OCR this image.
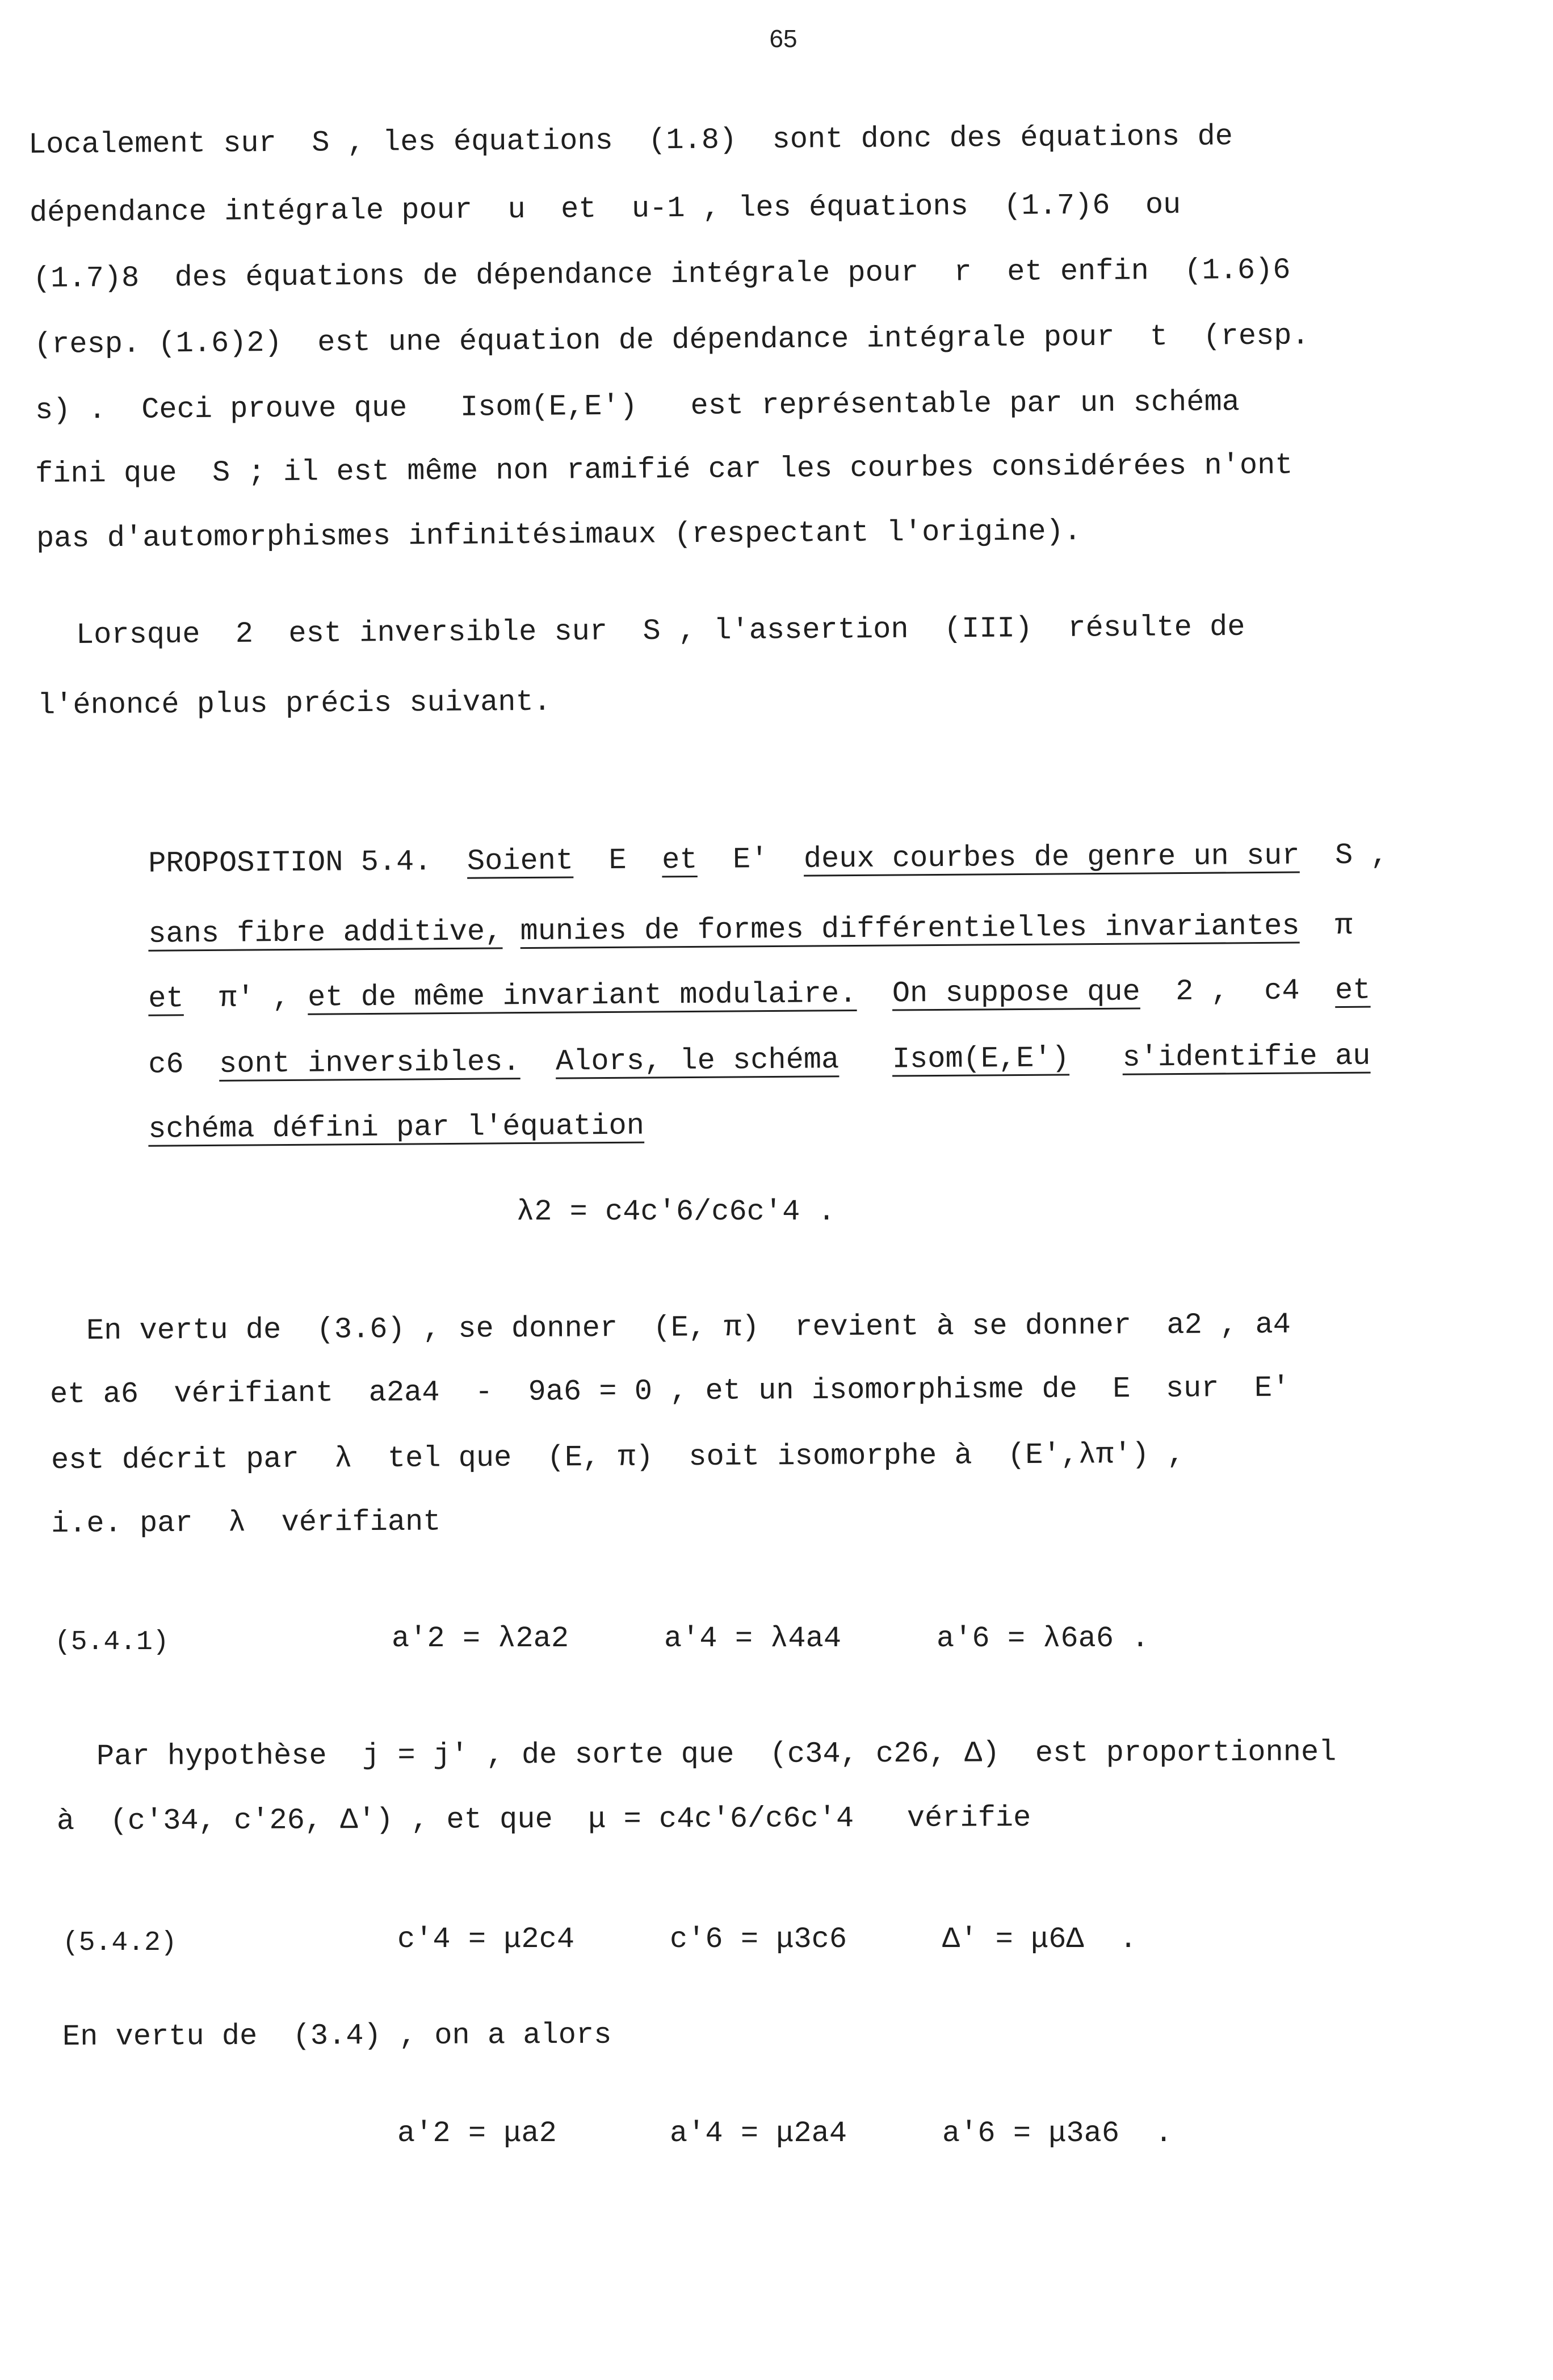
65
Localement sur  S , les équations  (1.8)  sont donc des équations de
dépendance intégrale pour  u  et  u-1 , les équations  (1.7)6  ou
(1.7)8  des équations de dépendance intégrale pour  r  et enfin  (1.6)6
(resp. (1.6)2)  est une équation de dépendance intégrale pour  t  (resp.
s) .  Ceci prouve que   Isom(E,E')   est représentable par un schéma
fini que  S ; il est même non ramifié car les courbes considérées n'ont
pas d'automorphismes infinitésimaux (respectant l'origine).
Lorsque  2  est inversible sur  S , l'assertion  (III)  résulte de
l'énoncé plus précis suivant.

PROPOSITION 5.4. Soient E et E' deux courbes de genre un sur S ,

sans fibre additive, munies de formes différentielles invariantes π

et π' , et de même invariant modulaire. On suppose que 2 , c4 et

c6 sont inversibles. Alors, le schéma Isom(E,E') s'identifie au

schéma défini par l'équation

λ2 = c4c'6/c6c'4 .
En vertu de  (3.6) , se donner  (E, π)  revient à se donner  a2 , a4
et a6  vérifiant  a2a4  -  9a6 = 0 , et un isomorphisme de  E  sur  E'
est décrit par  λ  tel que  (E, π)  soit isomorphe à  (E',λπ') ,
i.e. par  λ  vérifiant
(5.4.1)	a'2 = λ2a2	a'4 = λ4a4	a'6 = λ6a6 .
Par hypothèse  j = j' , de sorte que  (c34, c26, Δ)  est proportionnel
à  (c'34, c'26, Δ') , et que  μ = c4c'6/c6c'4   vérifie
(5.4.2)	c'4 = μ2c4	c'6 = μ3c6	Δ' = μ6Δ  .
En vertu de  (3.4) , on a alors
a'2 = μa2	a'4 = μ2a4	a'6 = μ3a6  .
